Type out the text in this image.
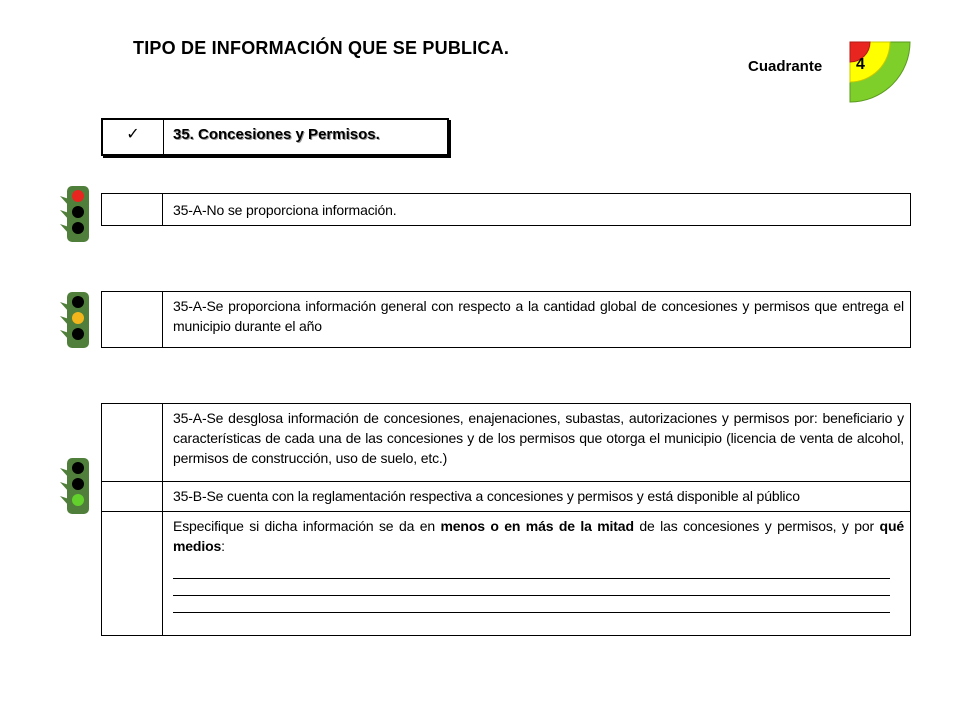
TIPO DE INFORMACIÓN QUE SE PUBLICA.
Cuadrante 4
✓	35. Concesiones y Permisos.
	35-A-No se proporciona información.
	35-A-Se proporciona información general con respecto a la cantidad global de concesiones y permisos que entrega el municipio durante el año
	35-A-Se desglosa información de concesiones, enajenaciones, subastas, autorizaciones y permisos por: beneficiario y características de cada una de las concesiones y de los permisos que otorga el municipio (licencia de venta de alcohol, permisos de construcción, uso de suelo, etc.)
	35-B-Se cuenta con la reglamentación respectiva a concesiones y permisos y está disponible al público
	Especifique si dicha información se da en menos o en más de la mitad de las concesiones y permisos, y por qué medios:
